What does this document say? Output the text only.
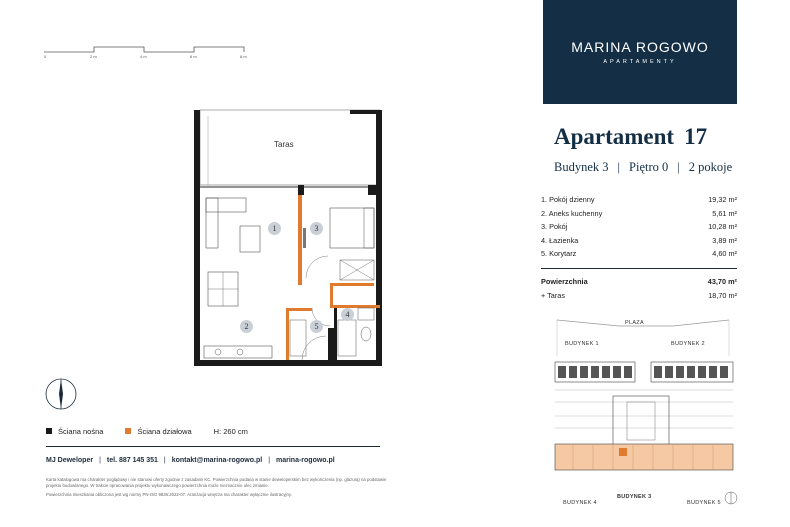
0	2 m	4 m	6 m	8 m
Taras
1
2
3
4
5
Ściana nośna	Ściana działowa	H: 260 cm
MJ Deweloper | tel. 887 145 351 | kontakt@marina-rogowo.pl | marina-rogowo.pl
Karta katalogowa ma charakter poglądowy i nie stanowi oferty zgodnie z zasadami KC. Powierzchnia podana w stanie deweloperskim bez wykończenia (np. glazurą) na podstawie
projektu budowlanego. W trakcie opracowania projektu wykonawczego powierzchnia może nieznacznie ulec zmianie.
Powierzchnia mieszkania obliczona jest wg normy PN-ISO 9836:2022-07. Aranżacja wnętrza ma charakter wyłącznie ilustracyjny.
MARINA ROGOWO
APARTAMENTY
Apartament 17
Budynek 3 | Piętro 0 | 2 pokoje
1. Pokój dzienny	19,32 m²
2. Aneks kuchenny	5,61 m²
3. Pokój	10,28 m²
4. Łazienka	3,89 m²
5. Korytarz	4,60 m²
Powierzchnia	43,70 m²
+ Taras	18,70 m²
PLAZA
BUDYNEK 1	BUDYNEK 2
BUDYNEK 3
BUDYNEK 4	BUDYNEK 5
